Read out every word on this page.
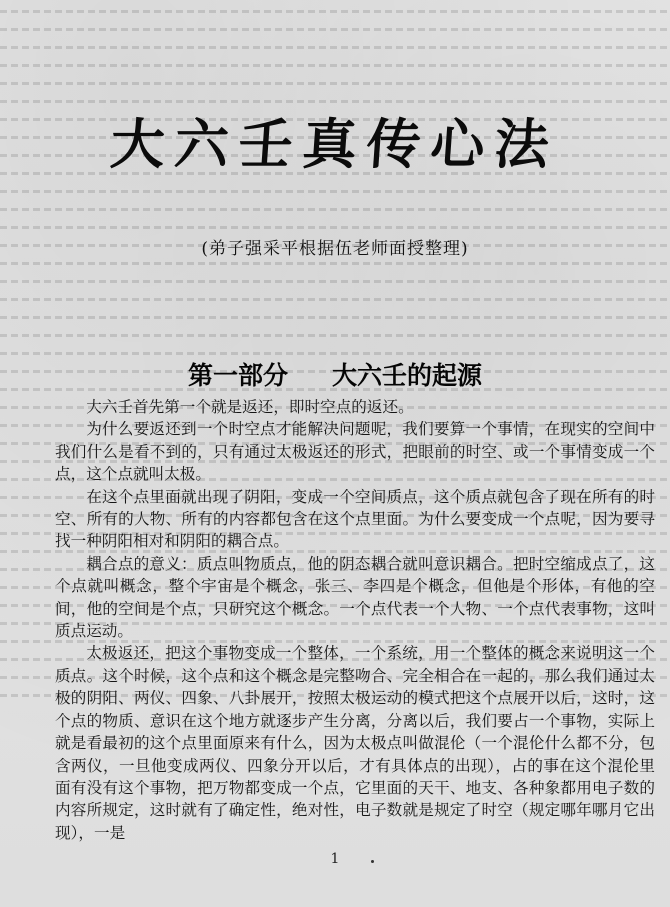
大六壬真传心法
(弟子强采平根据伍老师面授整理)
第一部分 大六壬的起源

大六壬首先第一个就是返还，即时空点的返还。

为什么要返还到一个时空点才能解决问题呢，我们要算一个事情，在现实的空间中我们什么是看不到的，只有通过太极返还的形式，把眼前的时空、或一个事情变成一个点，这个点就叫太极。

在这个点里面就出现了阴阳，变成一个空间质点，这个质点就包含了现在所有的时空、所有的人物、所有的内容都包含在这个点里面。为什么要变成一个点呢，因为要寻找一种阴阳相对和阴阳的耦合点。

耦合点的意义：质点叫物质点，他的阴态耦合就叫意识耦合。把时空缩成点了，这个点就叫概念，整个宇宙是个概念，张三、李四是个概念，但他是个形体，有他的空间，他的空间是个点，只研究这个概念。一个点代表一个人物、一个点代表事物，这叫质点运动。

太极返还，把这个事物变成一个整体，一个系统，用一个整体的概念来说明这一个质点。这个时候，这个点和这个概念是完整吻合、完全相合在一起的，那么我们通过太极的阴阳、两仪、四象、八卦展开，按照太极运动的模式把这个点展开以后，这时，这个点的物质、意识在这个地方就逐步产生分离，分离以后，我们要占一个事物，实际上就是看最初的这个点里面原来有什么，因为太极点叫做混伦（一个混伦什么都不分，包含两仪，一旦他变成两仪、四象分开以后，才有具体点的出现），占的事在这个混伦里面有没有这个事物，把万物都变成一个点，它里面的天干、地支、各种象都用电子数的内容所规定，这时就有了确定性，绝对性，电子数就是规定了时空（规定哪年哪月它出现），一是

1
